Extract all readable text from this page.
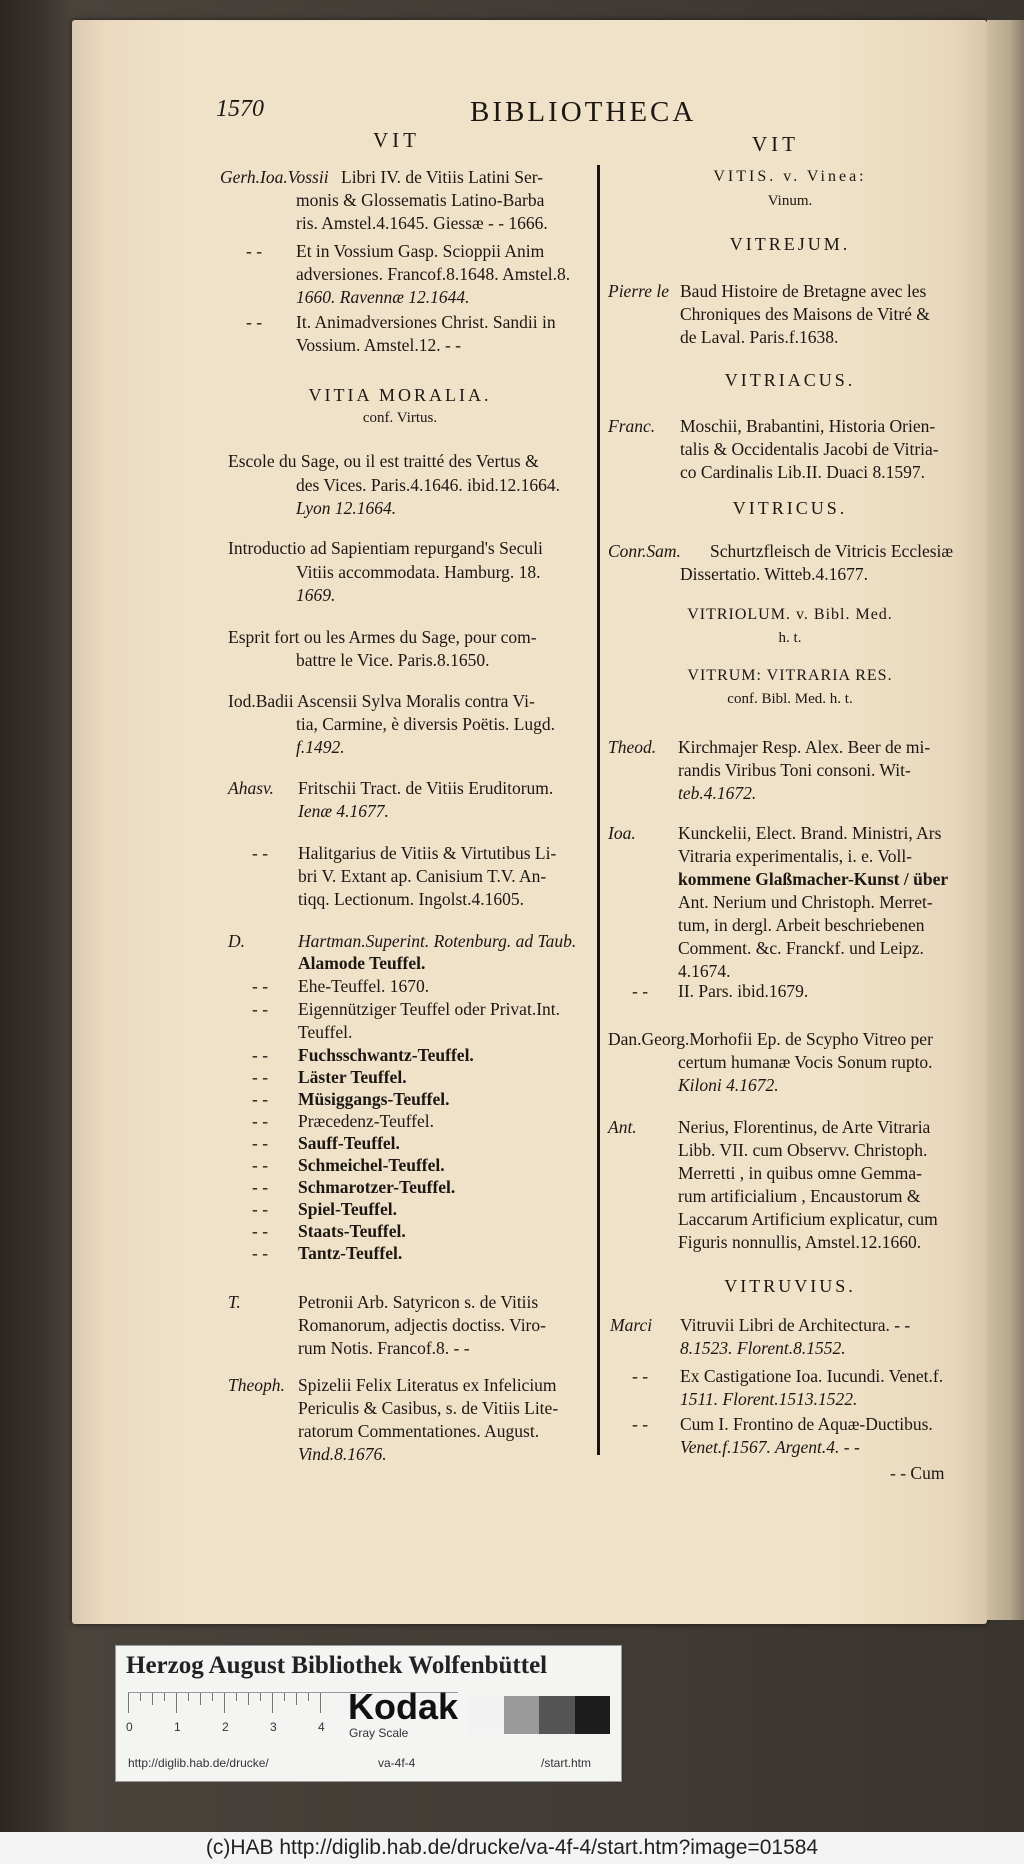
1570	BIBLIOTHECA
VIT	VIT
Gerh.Ioa.Vossii Libri IV. de Vitiis Latini Ser-
monis & Glossematis Latino-Barba
ris. Amstel.4.1645. Giessæ - - 1666.
- - Et in Vossium Gasp. Scioppii Anim
adversiones. Francof.8.1648. Amstel.8.
1660. Ravennæ 12.1644.
- - It. Animadversiones Christ. Sandii in
Vossium. Amstel.12. - -
VITIA MORALIA.
conf. Virtus.
Escole du Sage, ou il est traitté des Vertus &
des Vices. Paris.4.1646. ibid.12.1664.
Lyon 12.1664.
Introductio ad Sapientiam repurgand's Seculi
Vitiis accommodata. Hamburg. 18.
1669.
Esprit fort ou les Armes du Sage, pour com-
battre le Vice. Paris.8.1650.
Iod.Badii Ascensii Sylva Moralis contra Vi-
tia, Carmine, è diversis Poëtis. Lugd.
f.1492.
Ahasv. Fritschii Tract. de Vitiis Eruditorum.
Ienæ 4.1677.
- - Halitgarius de Vitiis & Virtutibus Li-
bri V. Extant ap. Canisium T.V. An-
tiqq. Lectionum. Ingolst.4.1605.
D.	Hartman.Superint. Rotenburg. ad Taub.
Alamode Teuffel.
- - Ehe-Teuffel. 1670.
- - Eigennütziger Teuffel oder Privat.Int.
Teuffel.
- - Fuchsschwantz-Teuffel.
- - Läster Teuffel.
- - Müsiggangs-Teuffel.
- - Præcedenz-Teuffel.
- - Sauff-Teuffel.
- - Schmeichel-Teuffel.
- - Schmarotzer-Teuffel.
- - Spiel-Teuffel.
- - Staats-Teuffel.
- - Tantz-Teuffel.
T.	Petronii Arb. Satyricon s. de Vitiis
Romanorum, adjectis doctiss. Viro-
rum Notis. Francof.8. - -
Theoph. Spizelii Felix Literatus ex Infelicium
Periculis & Casibus, s. de Vitiis Lite-
ratorum Commentationes. August.
Vind.8.1676.
VITIS. v. Vinea:
Vinum.
VITREJUM.
Pierre le Baud Histoire de Bretagne avec les
Chroniques des Maisons de Vitré &
de Laval. Paris.f.1638.
VITRIACUS.
Franc. Moschii, Brabantini, Historia Orien-
talis & Occidentalis Jacobi de Vitria-
co Cardinalis Lib.II. Duaci 8.1597.
VITRICUS.
Conr.Sam. Schurtzfleisch de Vitricis Ecclesiæ
Dissertatio. Witteb.4.1677.
VITRIOLUM. v. Bibl. Med.
h. t.
VITRUM: VITRARIA RES.
conf. Bibl. Med. h. t.
Theod. Kirchmajer Resp. Alex. Beer de mi-
randis Viribus Toni consoni. Wit-
teb.4.1672.
Ioa. Kunckelii, Elect. Brand. Ministri, Ars
Vitraria experimentalis, i. e. Voll-
kommene Glaßmacher-Kunst / über
Ant. Nerium und Christoph. Merret-
tum, in dergl. Arbeit beschriebenen
Comment. &c. Franckf. und Leipz.
4.1674.
- - II. Pars. ibid.1679.
Dan.Georg.Morhofii Ep. de Scypho Vitreo per
certum humanæ Vocis Sonum rupto.
Kiloni 4.1672.
Ant. Nerius, Florentinus, de Arte Vitraria
Libb. VII. cum Observv. Christoph.
Merretti , in quibus omne Gemma-
rum artificialium , Encaustorum &
Laccarum Artificium explicatur, cum
Figuris nonnullis, Amstel.12.1660.
VITRUVIUS.
Marci Vitruvii Libri de Architectura. - -
8.1523. Florent.8.1552.
- - Ex Castigatione Ioa. Iucundi. Venet.f.
1511. Florent.1513.1522.
- - Cum I. Frontino de Aquæ-Ductibus.
Venet.f.1567. Argent.4. - -
- - Cum
Herzog August Bibliothek Wolfenbüttel
0	1	2	3	4 Kodak
Gray Scale
http://diglib.hab.de/drucke/	va-4f-4	/start.htm
(c)HAB http://diglib.hab.de/drucke/va-4f-4/start.htm?image=01584
